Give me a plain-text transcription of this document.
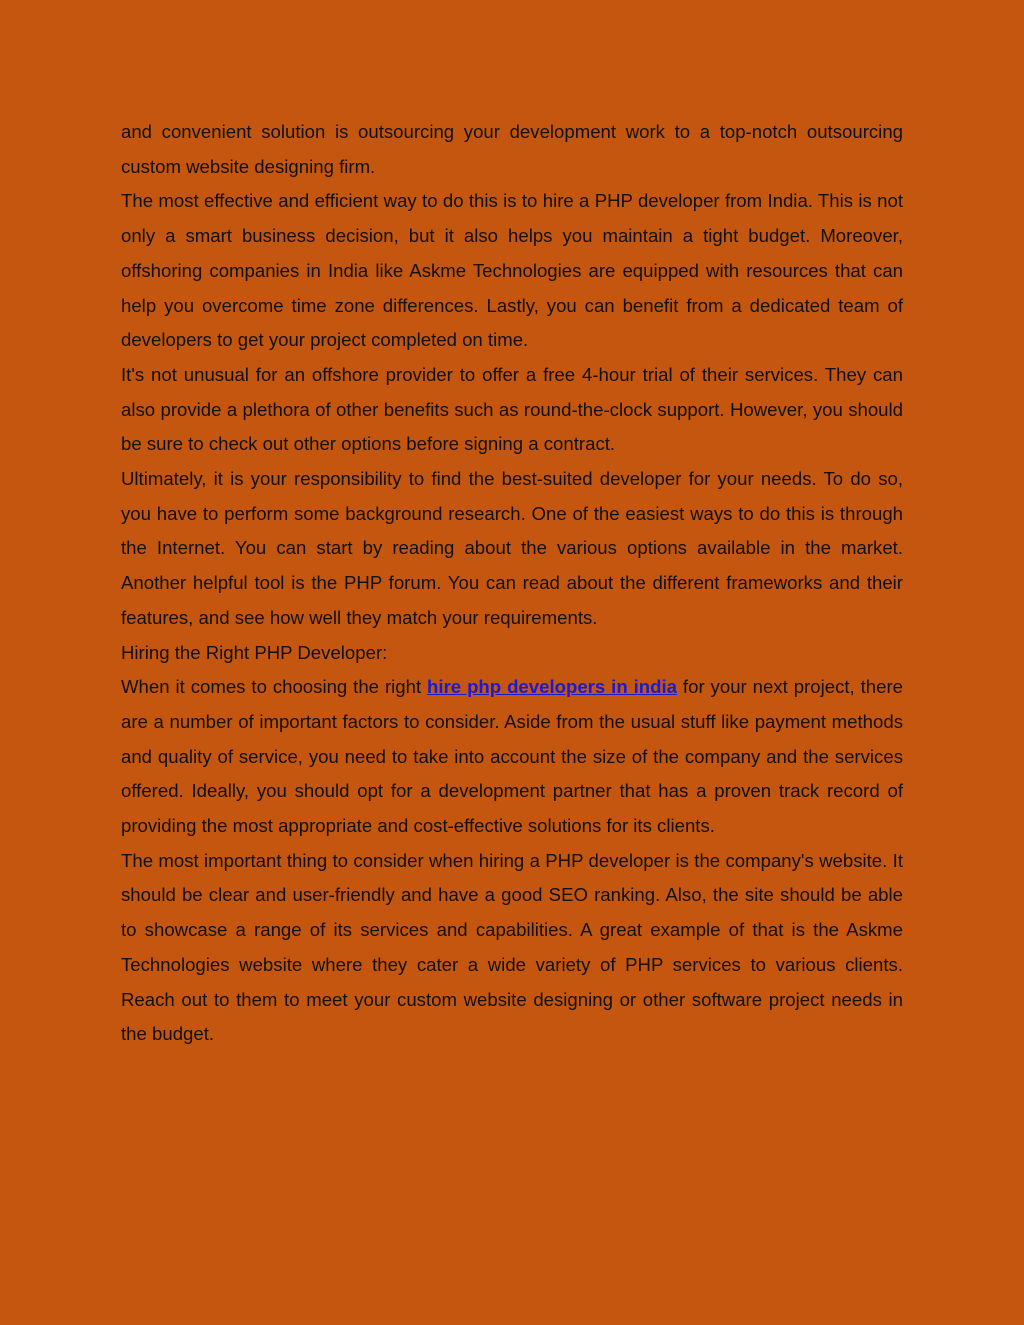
and convenient solution is outsourcing your development work to a top-notch outsourcing custom website designing firm.

The most effective and efficient way to do this is to hire a PHP developer from India. This is not only a smart business decision, but it also helps you maintain a tight budget. Moreover, offshoring companies in India like Askme Technologies are equipped with resources that can help you overcome time zone differences. Lastly, you can benefit from a dedicated team of developers to get your project completed on time.

It's not unusual for an offshore provider to offer a free 4-hour trial of their services. They can also provide a plethora of other benefits such as round-the-clock support. However, you should be sure to check out other options before signing a contract.

Ultimately, it is your responsibility to find the best-suited developer for your needs. To do so, you have to perform some background research. One of the easiest ways to do this is through the Internet. You can start by reading about the various options available in the market. Another helpful tool is the PHP forum. You can read about the different frameworks and their features, and see how well they match your requirements.

Hiring the Right PHP Developer:

When it comes to choosing the right hire php developers in india for your next project, there are a number of important factors to consider. Aside from the usual stuff like payment methods and quality of service, you need to take into account the size of the company and the services offered. Ideally, you should opt for a development partner that has a proven track record of providing the most appropriate and cost-effective solutions for its clients.

The most important thing to consider when hiring a PHP developer is the company's website. It should be clear and user-friendly and have a good SEO ranking. Also, the site should be able to showcase a range of its services and capabilities. A great example of that is the Askme Technologies website where they cater a wide variety of PHP services to various clients. Reach out to them to meet your custom website designing or other software project needs in the budget.
